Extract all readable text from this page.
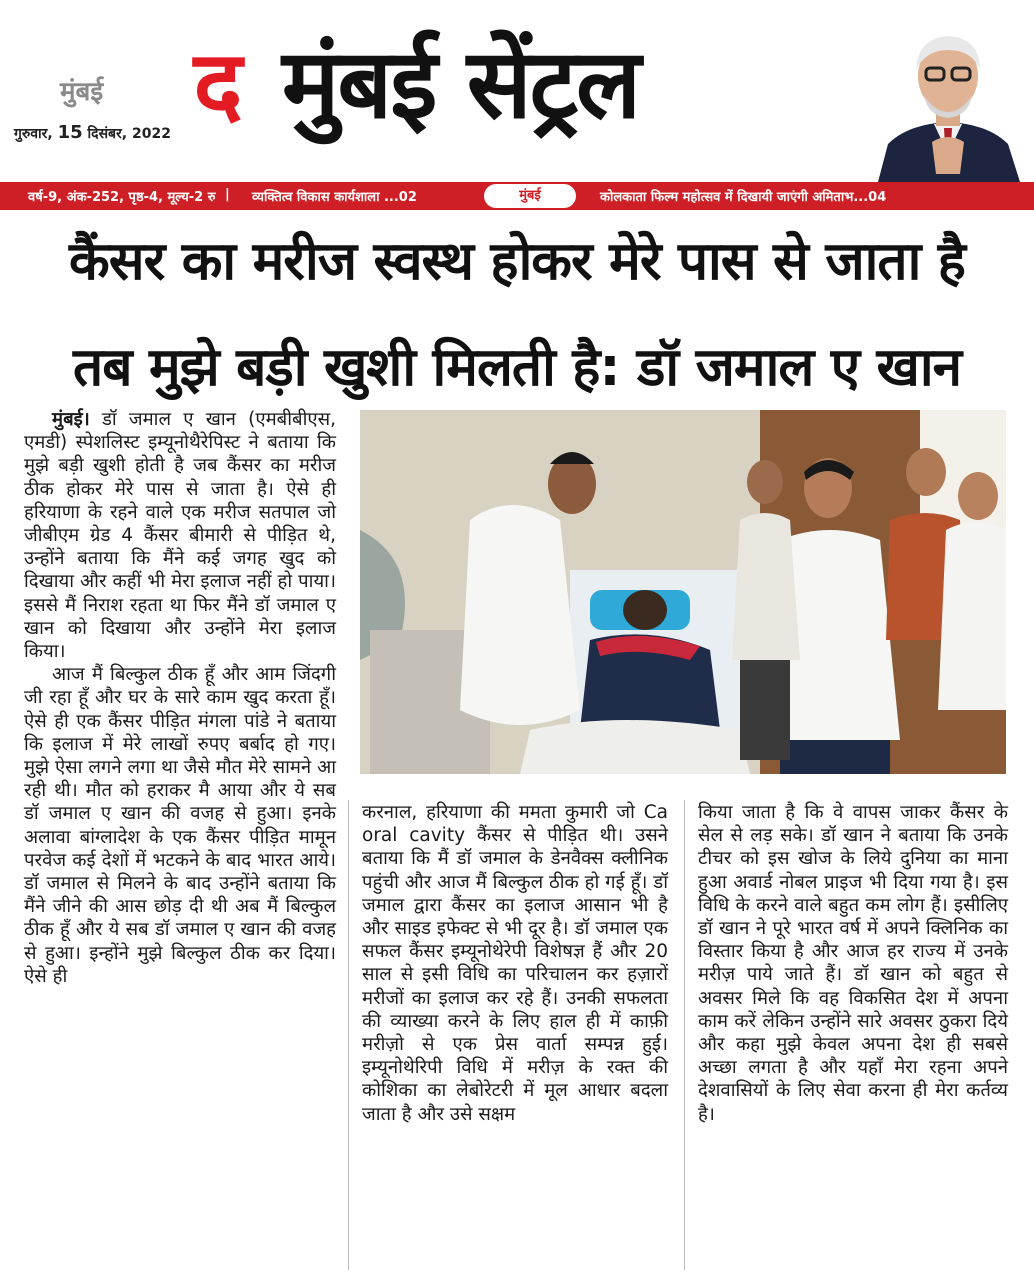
मुंबई
गुरुवार, 15 दिसंबर, 2022 द मुंबई सेंट्रल
वर्ष-9, अंक-252, पृष्ठ-4, मूल्य-2 रु | व्यक्तित्व विकास कार्यशाला ...02	मुंबई	कोलकाता फिल्म महोत्सव में दिखायी जाएंगी अमिताभ...04
कैंसर का मरीज स्वस्थ होकर मेरे पास से जाता है
तब मुझे बड़ी खुशी मिलती है: डॉ जमाल ए खान

मुंबई। डॉ जमाल ए खान (एमबीबीएस, एमडी) स्पेशलिस्ट इम्यूनोथैरेपिस्ट ने बताया कि मुझे बड़ी खुशी होती है जब कैंसर का मरीज ठीक होकर मेरे पास से जाता है। ऐसे ही हरियाणा के रहने वाले एक मरीज सतपाल जो जीबीएम ग्रेड 4 कैंसर बीमारी से पीड़ित थे, उन्होंने बताया कि मैंने कई जगह खुद को दिखाया और कहीं भी मेरा इलाज नहीं हो पाया। इससे मैं निराश रहता था फिर मैंने डॉ जमाल ए खान को दिखाया और उन्होंने मेरा इलाज किया।

आज मैं बिल्कुल ठीक हूँ और आम जिंदगी जी रहा हूँ और घर के सारे काम खुद करता हूँ। ऐसे ही एक कैंसर पीड़ित मंगला पांडे ने बताया कि इलाज में मेरे लाखों रुपए बर्बाद हो गए। मुझे ऐसा लगने लगा था जैसे मौत मेरे सामने आ रही थी। मौत को हराकर मै आया और ये सब डॉ जमाल ए खान की वजह से हुआ। इनके अलावा बांग्लादेश के एक कैंसर पीड़ित मामून परवेज कई देशों में भटकने के बाद भारत आये। डॉ जमाल से मिलने के बाद उन्होंने बताया कि मैंने जीने की आस छोड़ दी थी अब मैं बिल्कुल ठीक हूँ और ये सब डॉ जमाल ए खान की वजह से हुआ। इन्होंने मुझे बिल्कुल ठीक कर दिया। ऐसे ही

करनाल, हरियाणा की ममता कुमारी जो Ca oral cavity कैंसर से पीड़ित थी। उसने बताया कि मैं डॉ जमाल के डेनवैक्स क्लीनिक पहुंची और आज मैं बिल्कुल ठीक हो गई हूँ। डॉ जमाल द्वारा कैंसर का इलाज आसान भी है और साइड इफेक्ट से भी दूर है। डॉ जमाल एक सफल कैंसर इम्यूनोथेरेपी विशेषज्ञ हैं और 20 साल से इसी विधि का परिचालन कर हज़ारों मरीजों का इलाज कर रहे हैं। उनकी सफलता की व्याख्या करने के लिए हाल ही में काफ़ी मरीज़ो से एक प्रेस वार्ता सम्पन्न हुई। इम्यूनोथेरिपी विधि में मरीज़ के रक्त की कोशिका का लेबोरेटरी में मूल आधार बदला जाता है और उसे सक्षम

किया जाता है कि वे वापस जाकर कैंसर के सेल से लड़ सके। डॉ खान ने बताया कि उनके टीचर को इस खोज के लिये दुनिया का माना हुआ अवार्ड नोबल प्राइज भी दिया गया है। इस विधि के करने वाले बहुत कम लोग हैं। इसीलिए डॉ खान ने पूरे भारत वर्ष में अपने क्लिनिक का विस्तार किया है और आज हर राज्य में उनके मरीज़ पाये जाते हैं। डॉ खान को बहुत से अवसर मिले कि वह विकसित देश में अपना काम करें लेकिन उन्होंने सारे अवसर ठुकरा दिये और कहा मुझे केवल अपना देश ही सबसे अच्छा लगता है और यहाँ मेरा रहना अपने देशवासियों के लिए सेवा करना ही मेरा कर्तव्य है।
